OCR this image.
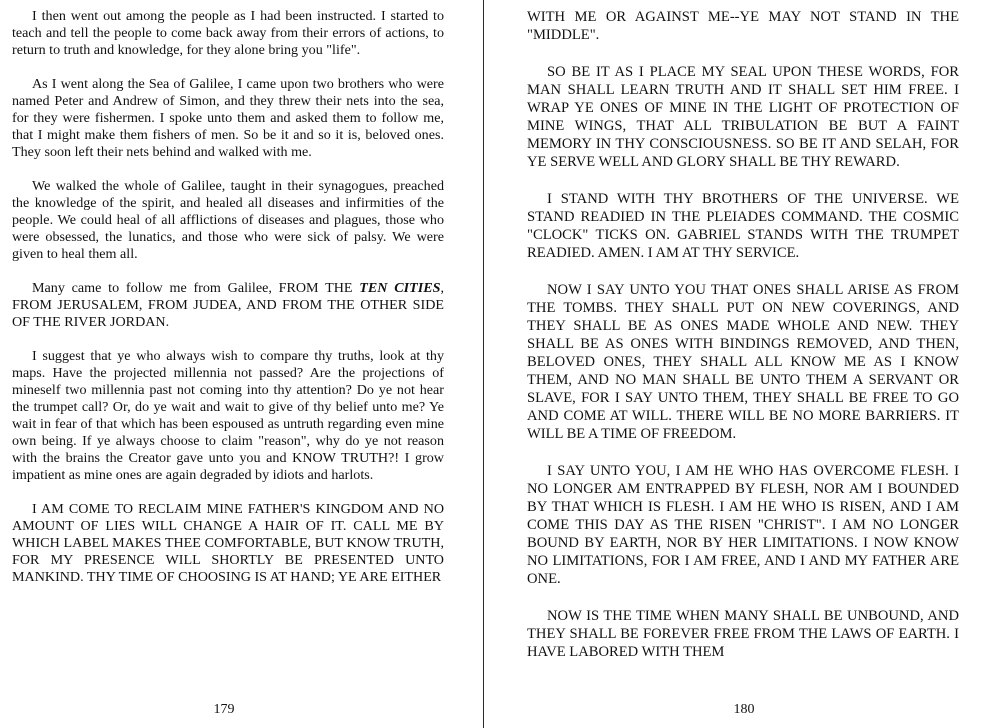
I then went out among the people as I had been instructed. I started to teach and tell the people to come back away from their errors of actions, to return to truth and knowledge, for they alone bring you "life".

As I went along the Sea of Galilee, I came upon two brothers who were named Peter and Andrew of Simon, and they threw their nets into the sea, for they were fishermen. I spoke unto them and asked them to follow me, that I might make them fishers of men. So be it and so it is, beloved ones. They soon left their nets behind and walked with me.

We walked the whole of Galilee, taught in their synagogues, preached the knowledge of the spirit, and healed all diseases and infirmities of the people. We could heal of all afflictions of diseases and plagues, those who were obsessed, the lunatics, and those who were sick of palsy. We were given to heal them all.

Many came to follow me from Galilee, FROM THE TEN CITIES, FROM JERUSALEM, FROM JUDEA, AND FROM THE OTHER SIDE OF THE RIVER JORDAN.

I suggest that ye who always wish to compare thy truths, look at thy maps. Have the projected millennia not passed? Are the projections of mineself two millennia past not coming into thy attention? Do ye not hear the trumpet call? Or, do ye wait and wait to give of thy belief unto me? Ye wait in fear of that which has been espoused as untruth regarding even mine own being. If ye always choose to claim "reason", why do ye not reason with the brains the Creator gave unto you and KNOW TRUTH?! I grow impatient as mine ones are again degraded by idiots and harlots.

I AM COME TO RECLAIM MINE FATHER'S KINGDOM AND NO AMOUNT OF LIES WILL CHANGE A HAIR OF IT. CALL ME BY WHICH LABEL MAKES THEE COMFORTABLE, BUT KNOW TRUTH, FOR MY PRESENCE WILL SHORTLY BE PRESENTED UNTO MANKIND. THY TIME OF CHOOSING IS AT HAND; YE ARE EITHER

WITH ME OR AGAINST ME--YE MAY NOT STAND IN THE "MIDDLE".

SO BE IT AS I PLACE MY SEAL UPON THESE WORDS, FOR MAN SHALL LEARN TRUTH AND IT SHALL SET HIM FREE. I WRAP YE ONES OF MINE IN THE LIGHT OF PROTECTION OF MINE WINGS, THAT ALL TRIBULATION BE BUT A FAINT MEMORY IN THY CONSCIOUSNESS. SO BE IT AND SELAH, FOR YE SERVE WELL AND GLORY SHALL BE THY REWARD.

I STAND WITH THY BROTHERS OF THE UNIVERSE. WE STAND READIED IN THE PLEIADES COMMAND. THE COSMIC "CLOCK" TICKS ON. GABRIEL STANDS WITH THE TRUMPET READIED. AMEN. I AM AT THY SERVICE.

NOW I SAY UNTO YOU THAT ONES SHALL ARISE AS FROM THE TOMBS. THEY SHALL PUT ON NEW COVERINGS, AND THEY SHALL BE AS ONES MADE WHOLE AND NEW. THEY SHALL BE AS ONES WITH BINDINGS REMOVED, AND THEN, BELOVED ONES, THEY SHALL ALL KNOW ME AS I KNOW THEM, AND NO MAN SHALL BE UNTO THEM A SERVANT OR SLAVE, FOR I SAY UNTO THEM, THEY SHALL BE FREE TO GO AND COME AT WILL. THERE WILL BE NO MORE BARRIERS. IT WILL BE A TIME OF FREEDOM.

I SAY UNTO YOU, I AM HE WHO HAS OVERCOME FLESH. I NO LONGER AM ENTRAPPED BY FLESH, NOR AM I BOUNDED BY THAT WHICH IS FLESH. I AM HE WHO IS RISEN, AND I AM COME THIS DAY AS THE RISEN "CHRIST". I AM NO LONGER BOUND BY EARTH, NOR BY HER LIMITATIONS. I NOW KNOW NO LIMITATIONS, FOR I AM FREE, AND I AND MY FATHER ARE ONE.

NOW IS THE TIME WHEN MANY SHALL BE UNBOUND, AND THEY SHALL BE FOREVER FREE FROM THE LAWS OF EARTH. I HAVE LABORED WITH THEM

179	180
